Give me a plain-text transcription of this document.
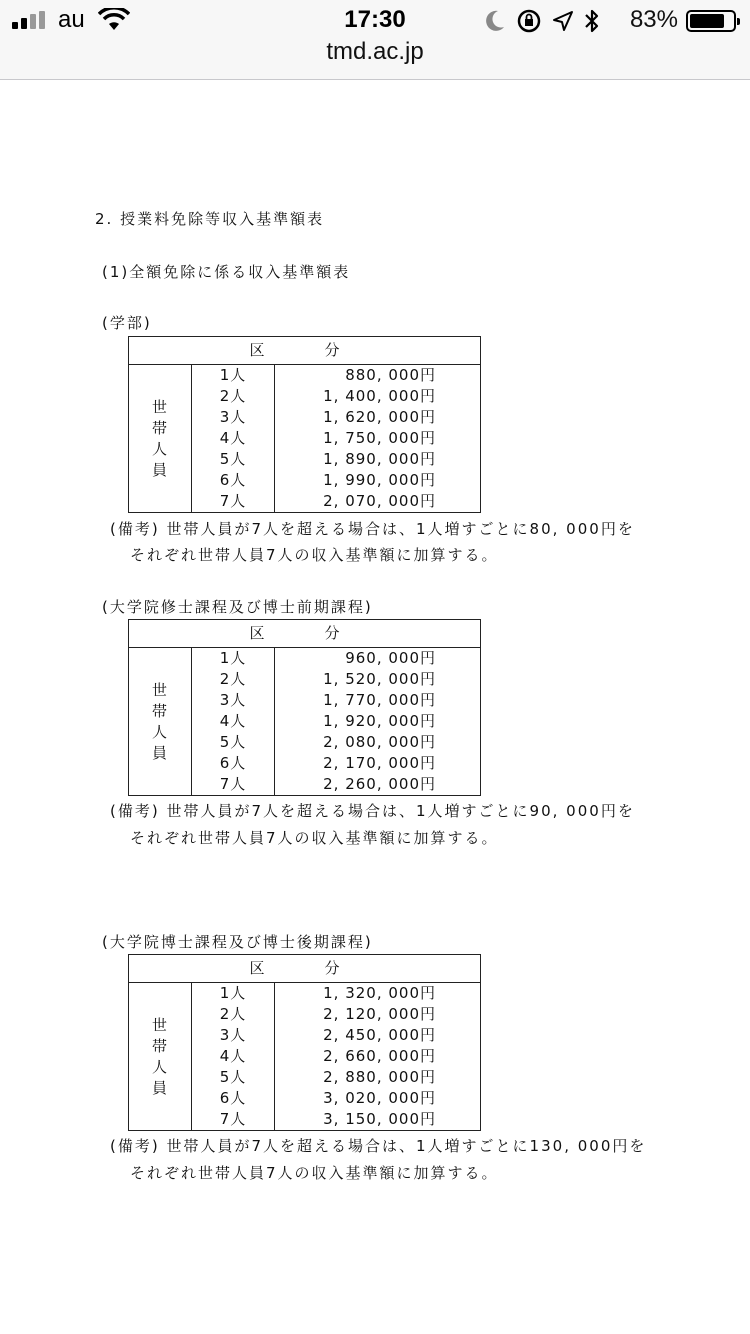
au	17:30	83%
tmd.ac.jp
2. 授業料免除等収入基準額表
(1)全額免除に係る収入基準額表
(学部)
区分		

世
帯
人
員	1人	880, 000円
	2人	1, 400, 000円
	3人	1, 620, 000円
	4人	1, 750, 000円
	5人	1, 890, 000円
	6人	1, 990, 000円
	7人	2, 070, 000円
(備考) 世帯人員が7人を超える場合は、1人増すごとに80, 000円を
それぞれ世帯人員7人の収入基準額に加算する。
(大学院修士課程及び博士前期課程)
区分		

世
帯
人
員	1人	960, 000円
	2人	1, 520, 000円
	3人	1, 770, 000円
	4人	1, 920, 000円
	5人	2, 080, 000円
	6人	2, 170, 000円
	7人	2, 260, 000円
(備考) 世帯人員が7人を超える場合は、1人増すごとに90, 000円を
それぞれ世帯人員7人の収入基準額に加算する。
(大学院博士課程及び博士後期課程)
区分		

世
帯
人
員	1人	1, 320, 000円
	2人	2, 120, 000円
	3人	2, 450, 000円
	4人	2, 660, 000円
	5人	2, 880, 000円
	6人	3, 020, 000円
	7人	3, 150, 000円
(備考) 世帯人員が7人を超える場合は、1人増すごとに130, 000円を
それぞれ世帯人員7人の収入基準額に加算する。
